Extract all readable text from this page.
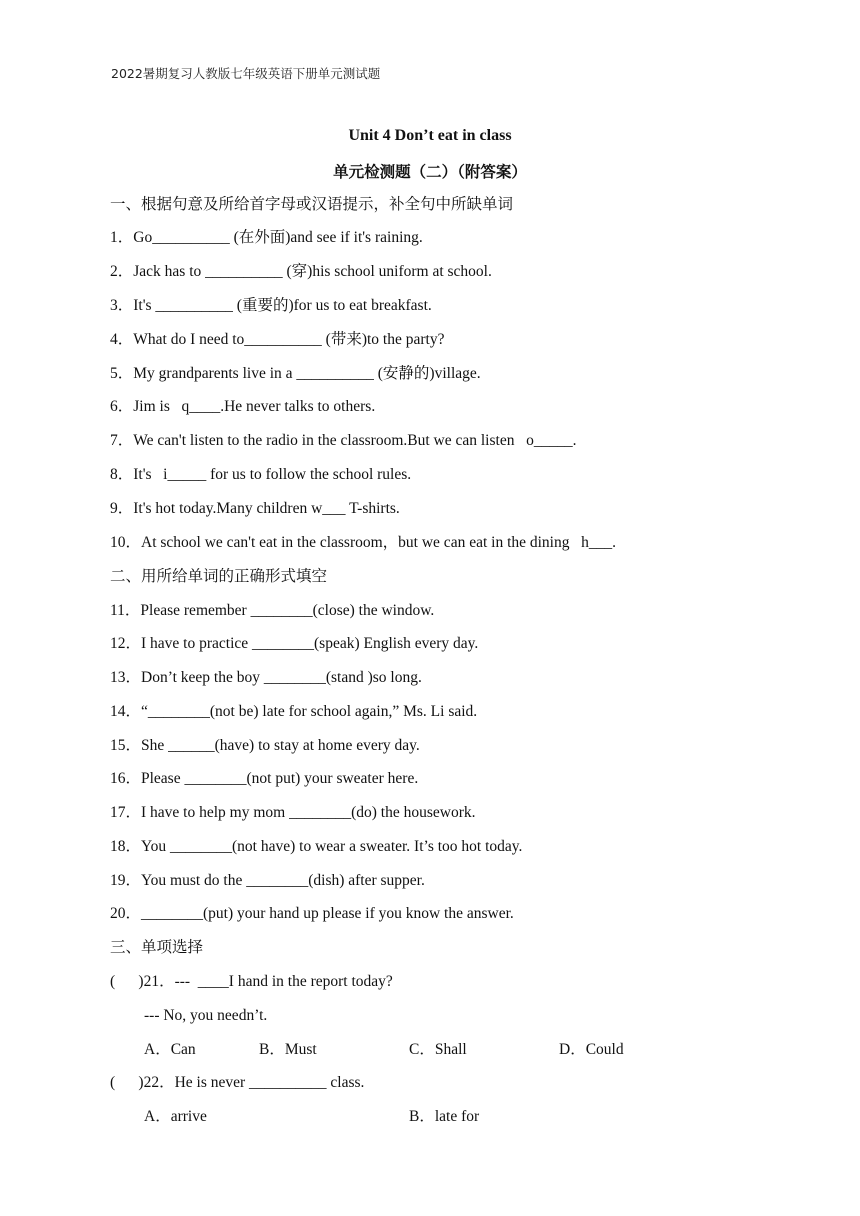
2022暑期复习人教版七年级英语下册单元测试题
Unit 4 Don’t eat in class
单元检测题（二）（附答案）
一、根据句意及所给首字母或汉语提示，补全句中所缺单词
1．Go__________ (在外面)and see if it's raining.
2．Jack has to __________ (穿)his school uniform at school.
3．It's __________ (重要的)for us to eat breakfast.
4．What do I need to__________ (带来)to the party?
5．My grandparents live in a __________ (安静的)village.
6．Jim is   q____.He never talks to others.
7．We can't listen to the radio in the classroom.But we can listen   o_____.
8．It's   i_____ for us to follow the school rules.
9．It's hot today.Many children w___ T-shirts.
10．At school we can't eat in the classroom，but we can eat in the dining   h___.
二、用所给单词的正确形式填空
11．Please remember ________(close) the window.
12．I have to practice ________(speak) English every day.
13．Don’t keep the boy ________(stand )so long.
14．“________(not be) late for school again,” Ms. Li said.
15．She ______(have) to stay at home every day.
16．Please ________(not put) your sweater here.
17．I have to help my mom ________(do) the housework.
18．You ________(not have) to wear a sweater. It’s too hot today.
19．You must do the ________(dish) after supper.
20．________(put) your hand up please if you know the answer.
三、单项选择
(      )21．---  ____I hand in the report today?
--- No, you needn’t.
A．Can	B．Must	C．Shall	D．Could
(      )22．He is never __________ class.
A．arrive	B．late for
